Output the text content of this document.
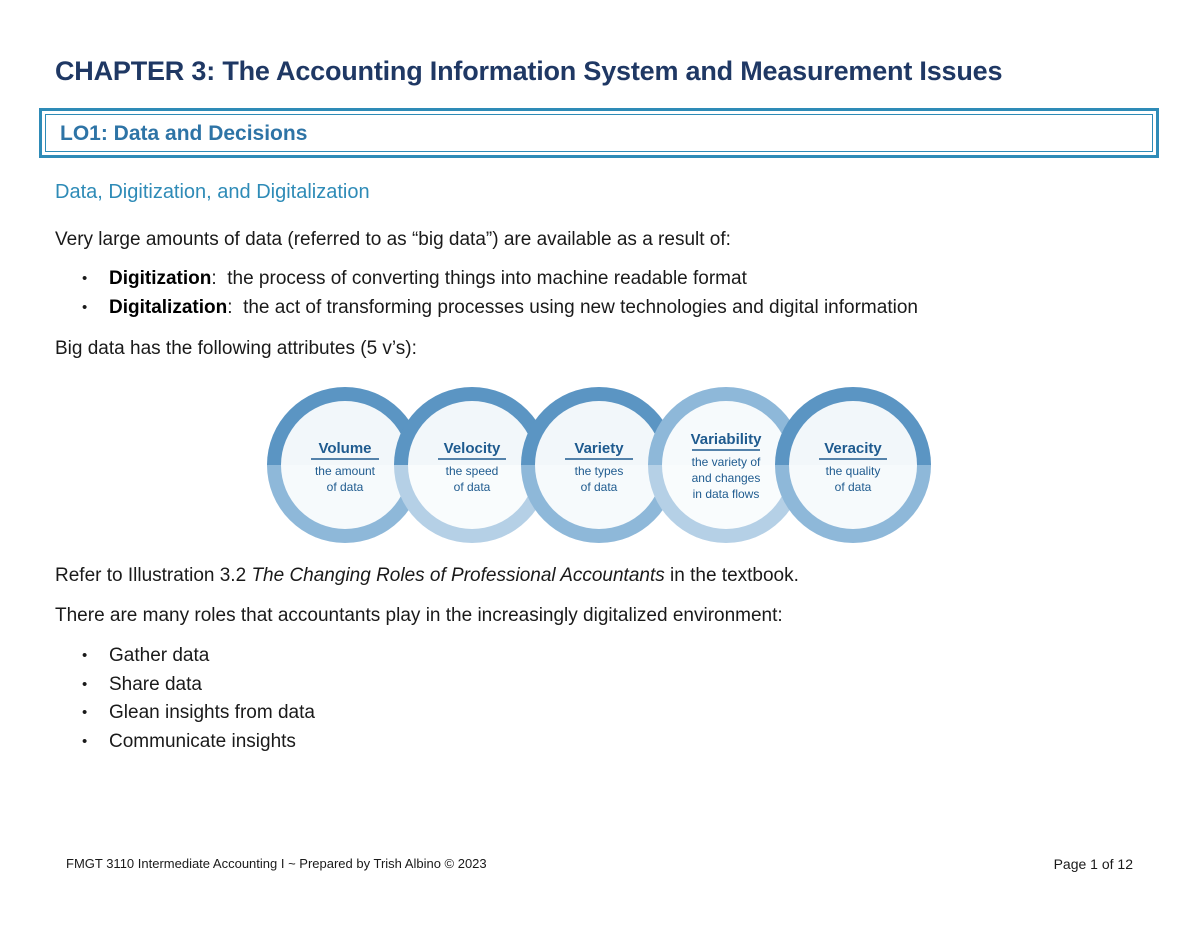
CHAPTER 3: The Accounting Information System and Measurement Issues
LO1: Data and Decisions
Data, Digitization, and Digitalization
Very large amounts of data (referred to as “big data”) are available as a result of:
• Digitization:  the process of converting things into machine readable format
• Digitalization:  the act of transforming processes using new technologies and digital information
Big data has the following attributes (5 v’s):
Volume
the amount
of data
Velocity
the speed
of data
Variety
the types
of data
Variability
the variety of
and changes
in data flows
Veracity
the quality
of data
Refer to Illustration 3.2 The Changing Roles of Professional Accountants in the textbook.
There are many roles that accountants play in the increasingly digitalized environment:
• Gather data
• Share data
• Glean insights from data
• Communicate insights
FMGT 3110 Intermediate Accounting I ~ Prepared by Trish Albino © 2023	Page 1 of 12
